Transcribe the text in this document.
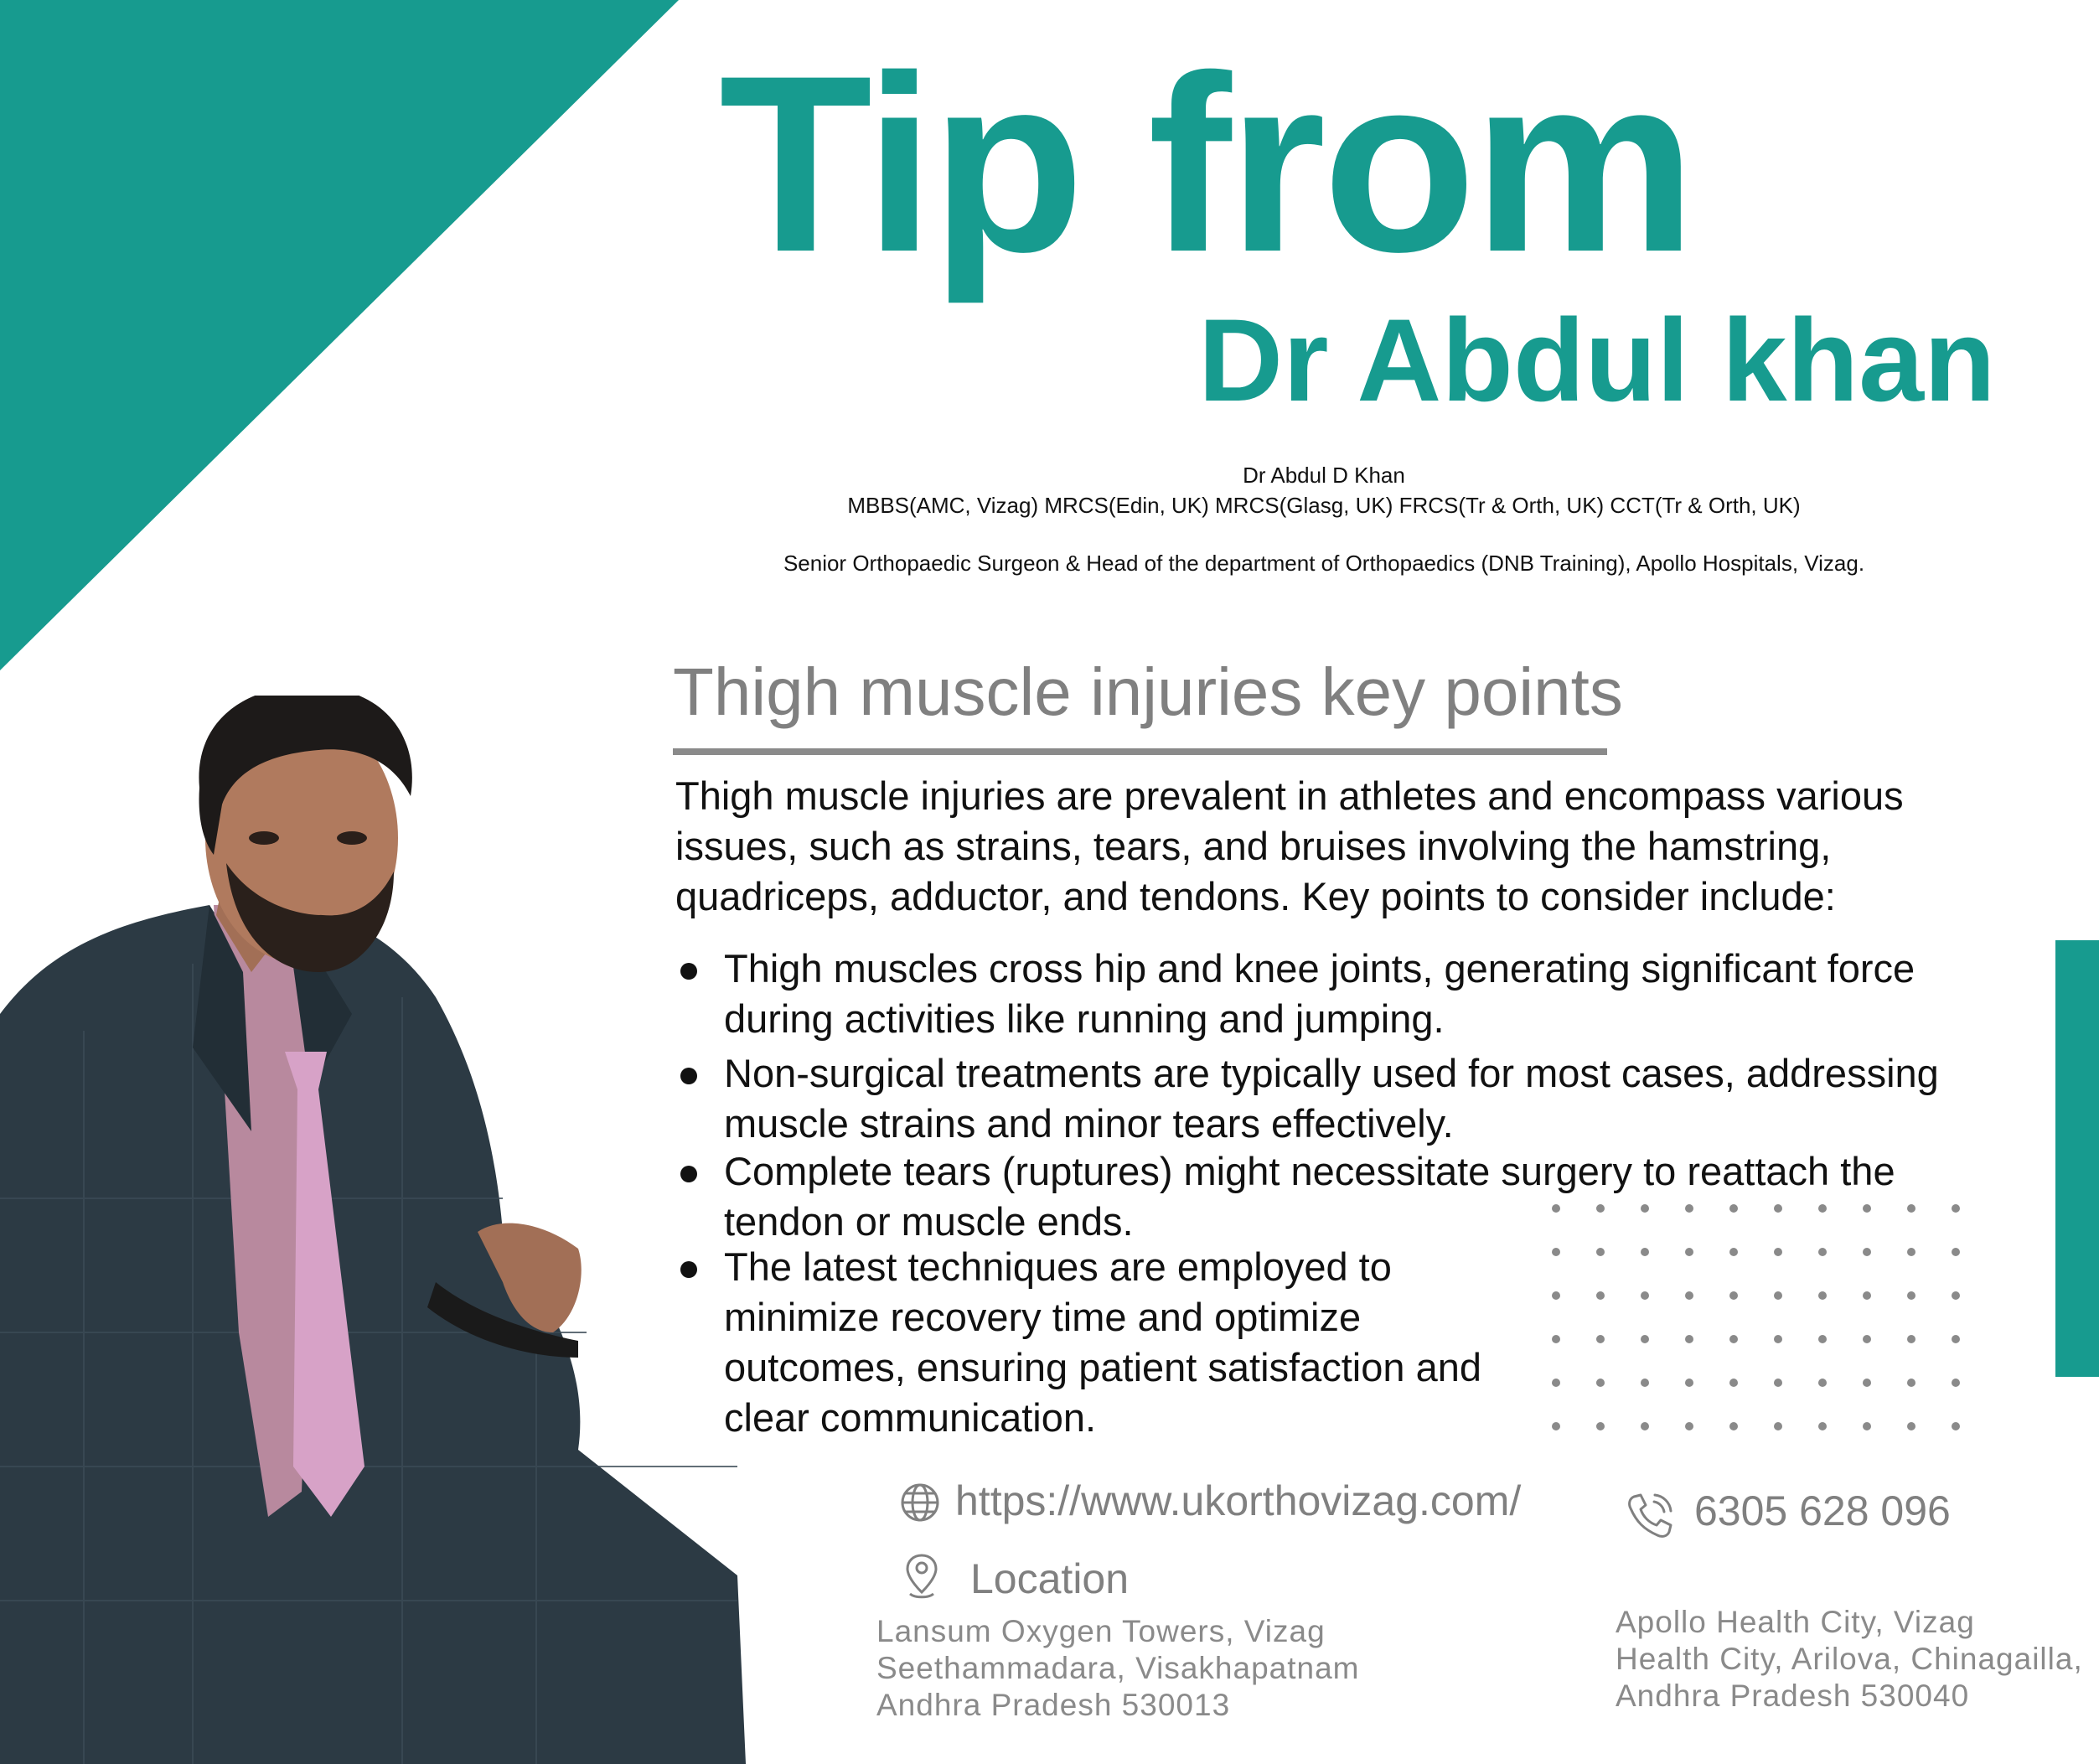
Tip from
Dr Abdul khan
Dr Abdul D Khan
MBBS(AMC, Vizag) MRCS(Edin, UK) MRCS(Glasg, UK) FRCS(Tr & Orth, UK) CCT(Tr & Orth, UK)
Senior Orthopaedic Surgeon & Head of the department of Orthopaedics (DNB Training), Apollo Hospitals, Vizag.
Thigh muscle injuries key points
Thigh muscle injuries are prevalent in athletes and encompass various
issues, such as strains, tears, and bruises involving the hamstring,
quadriceps, adductor, and tendons. Key points to consider include:
Thigh muscles cross hip and knee joints, generating significant force
during activities like running and jumping.
Non-surgical treatments are typically used for most cases, addressing
muscle strains and minor tears effectively.
Complete tears (ruptures) might necessitate surgery to reattach the
tendon or muscle ends.
The latest techniques are employed to
minimize recovery time and optimize
outcomes, ensuring patient satisfaction and
clear communication.
https://www.ukorthovizag.com/	6305 628 096
Location
Lansum Oxygen Towers, Vizag
Seethammadara, Visakhapatnam
Andhra Pradesh 530013
Apollo Health City, Vizag
Health City, Arilova, Chinagailla,
Andhra Pradesh 530040
